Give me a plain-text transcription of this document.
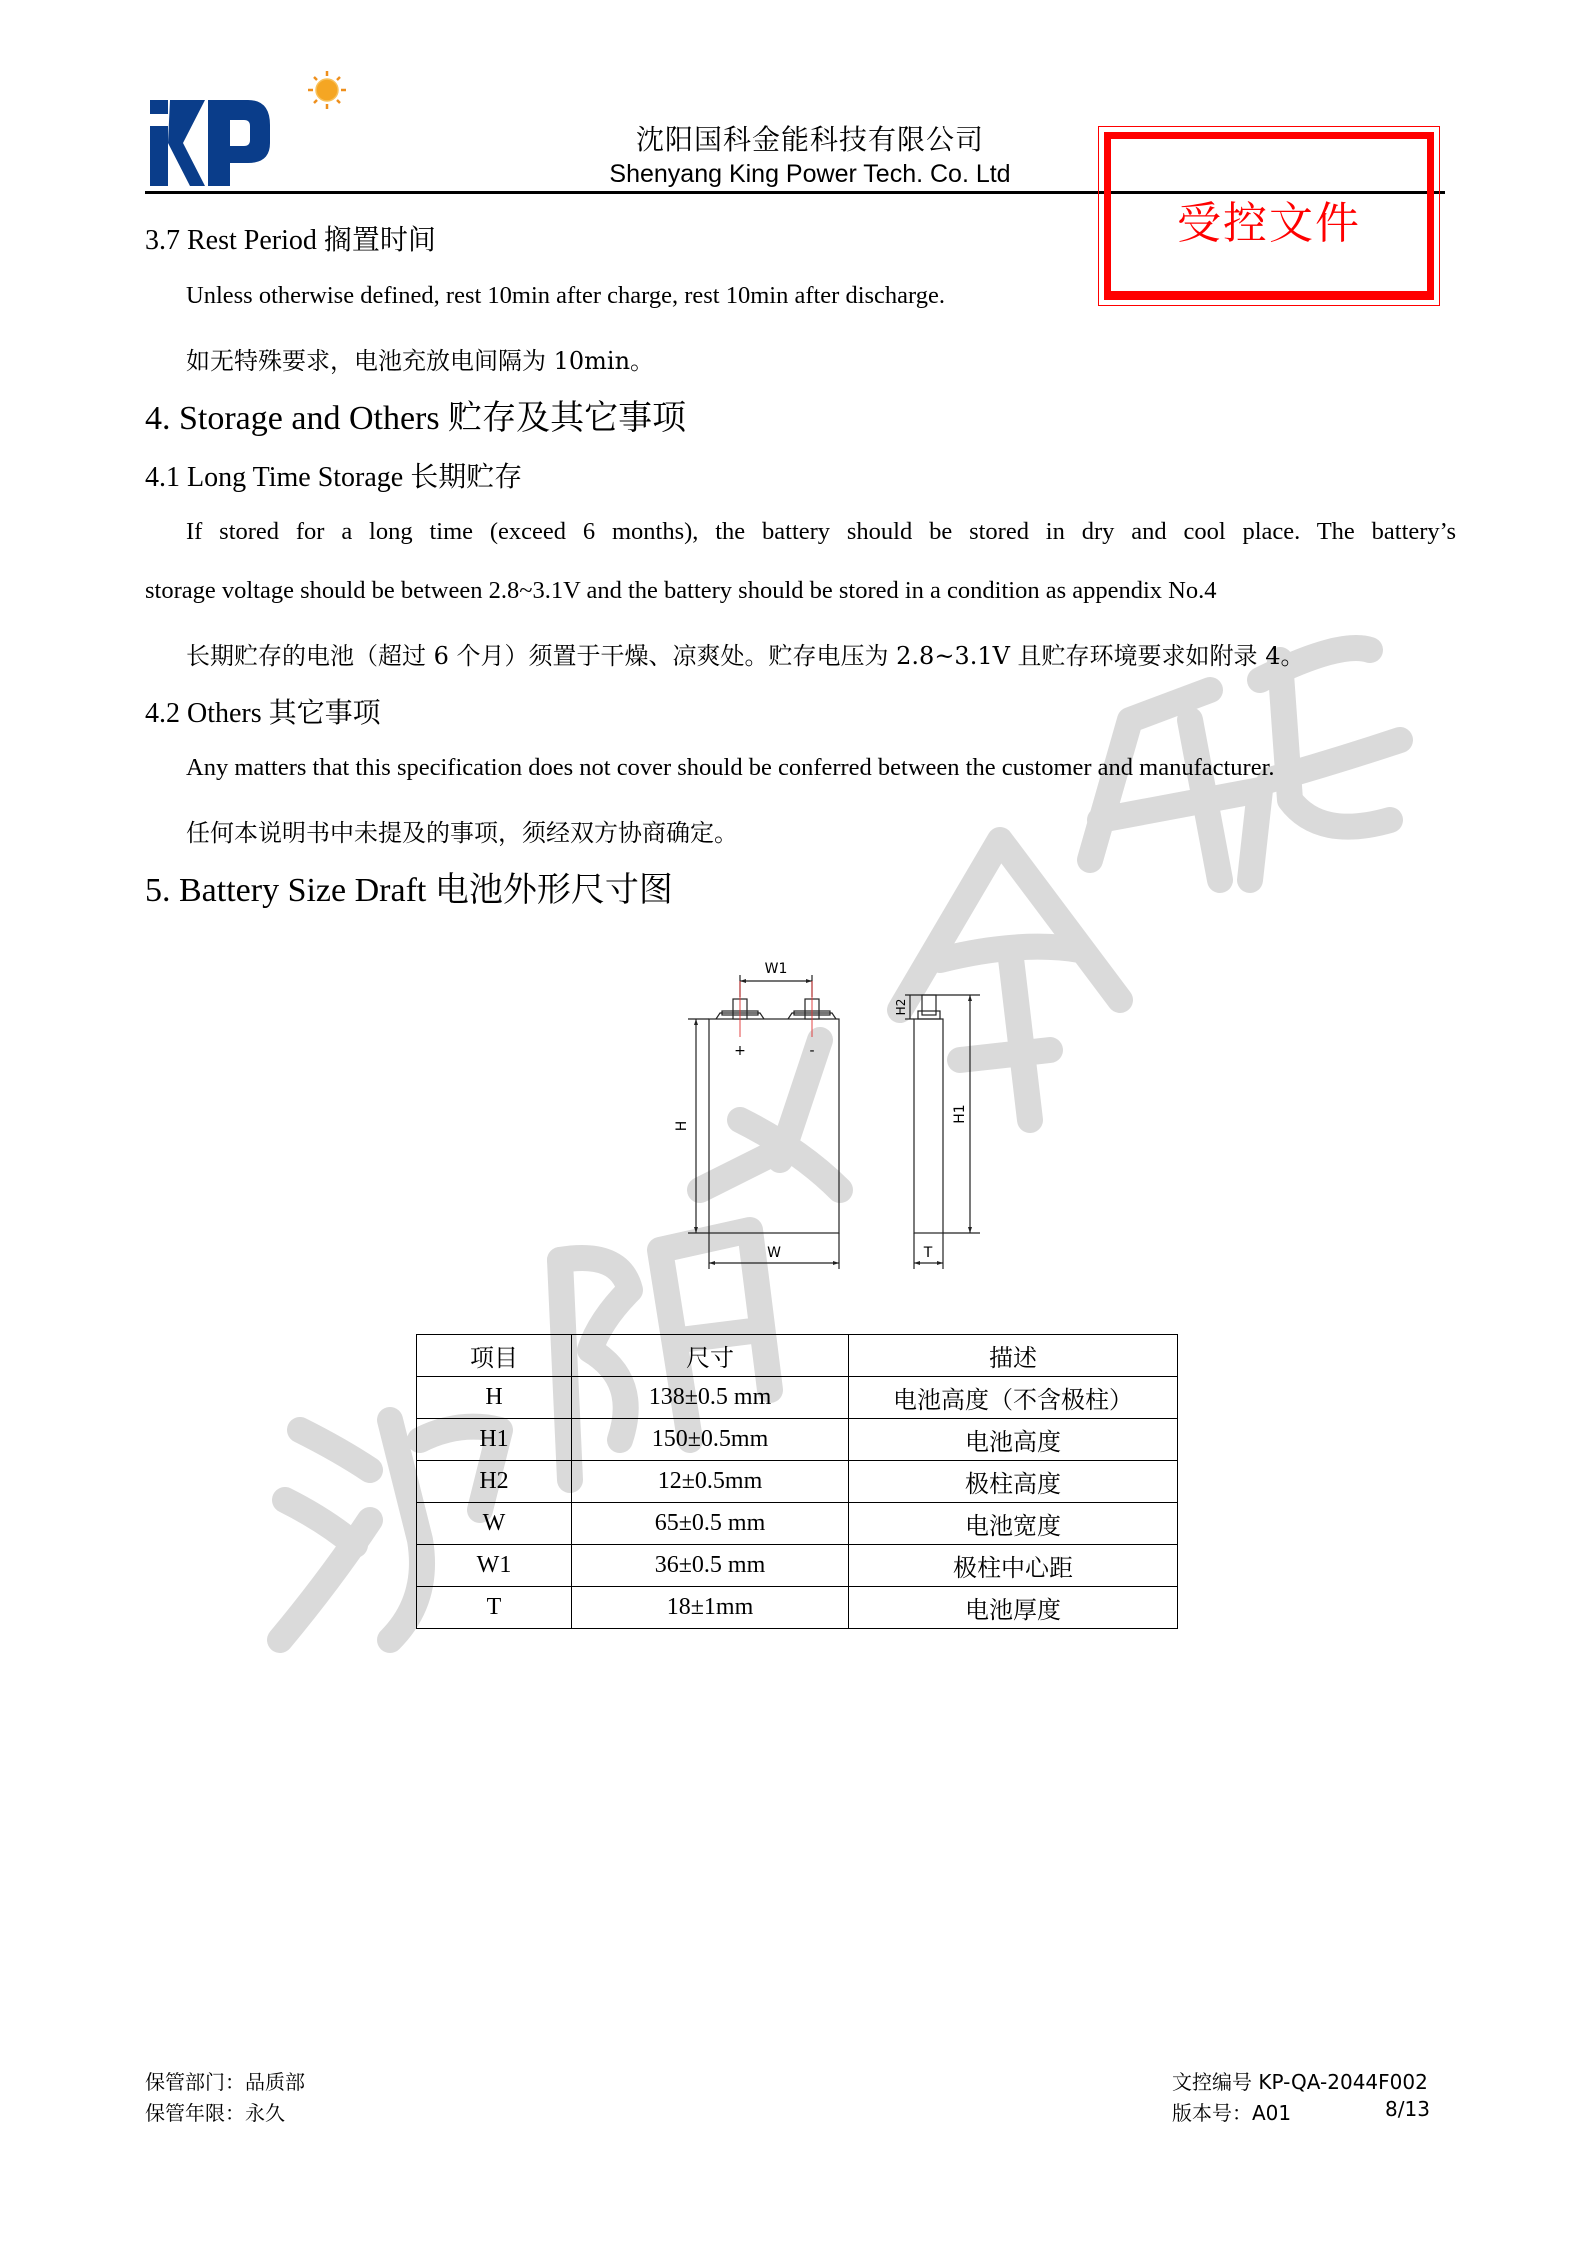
沈阳国科金能科技有限公司
Shenyang King Power Tech. Co. Ltd
受控文件
3.7 Rest Period 搁置时间
Unless otherwise defined, rest 10min after charge, rest 10min after discharge.
如无特殊要求，电池充放电间隔为 10min。
4. Storage and Others 贮存及其它事项
4.1 Long Time Storage 长期贮存
If stored for a long time (exceed 6 months), the battery should be stored in dry and cool place. The battery’s
storage voltage should be between 2.8~3.1V and the battery should be stored in a condition as appendix No.4
长期贮存的电池（超过 6 个月）须置于干燥、凉爽处。贮存电压为 2.8~3.1V 且贮存环境要求如附录 4。
4.2 Others 其它事项
Any matters that this specification does not cover should be conferred between the customer and manufacturer.
任何本说明书中未提及的事项，须经双方协商确定。
5. Battery Size Draft 电池外形尺寸图
W1
+	-
H
W
H2
H1
T
项目	尺寸	描述
H	138±0.5 mm	电池高度（不含极柱）
H1	150±0.5mm	电池高度
H2	12±0.5mm	极柱高度
W	65±0.5 mm	电池宽度
W1	36±0.5 mm	极柱中心距
T	18±1mm	电池厚度
保管部门：品质部
保管年限：永久
文控编号 KP-QA-2044F002
版本号：A01	8/13
